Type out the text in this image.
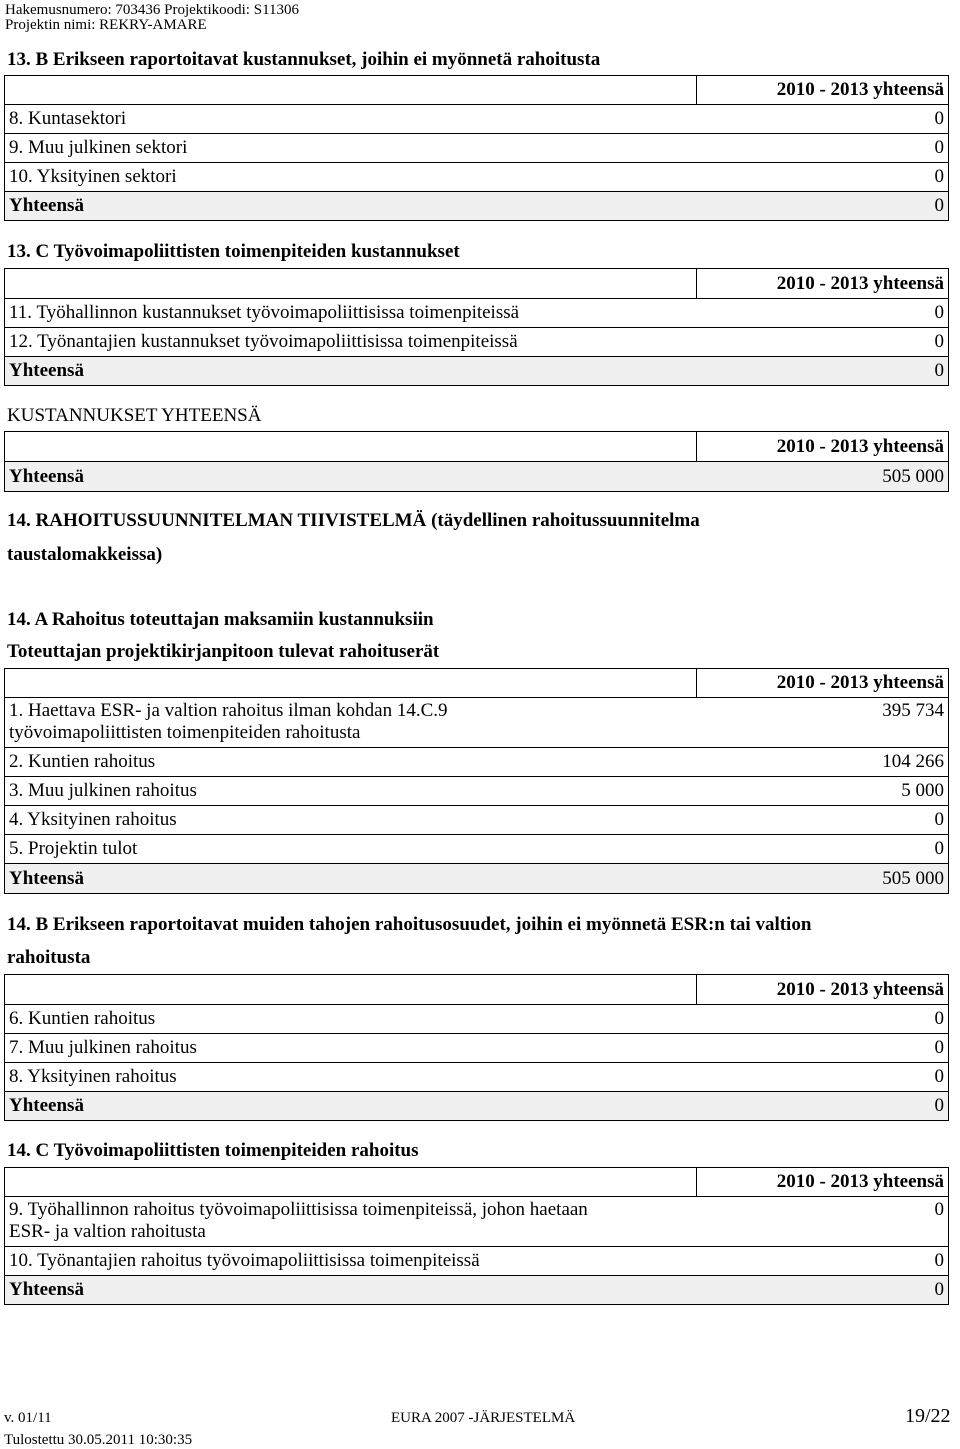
Hakemusnumero: 703436 Projektikoodi: S11306
Projektin nimi: REKRY-AMARE
13. B Erikseen raportoitavat kustannukset, joihin ei myönnetä rahoitusta
	2010 - 2013 yhteensä

8. Kuntasektori	0

9. Muu julkinen sektori	0

10. Yksityinen sektori	0

Yhteensä	0
13. C Työvoimapoliittisten toimenpiteiden kustannukset
	2010 - 2013 yhteensä

11. Työhallinnon kustannukset työvoimapoliittisissa toimenpiteissä	0

12. Työnantajien kustannukset työvoimapoliittisissa toimenpiteissä	0

Yhteensä	0
KUSTANNUKSET YHTEENSÄ
	2010 - 2013 yhteensä

Yhteensä	505 000
14. RAHOITUSSUUNNITELMAN TIIVISTELMÄ (täydellinen rahoitussuunnitelma
taustalomakkeissa)
14. A Rahoitus toteuttajan maksamiin kustannuksiin
Toteuttajan projektikirjanpitoon tulevat rahoituserät
	2010 - 2013 yhteensä

1. Haettava ESR- ja valtion rahoitus ilman kohdan 14.C.9
työvoimapoliittisten toimenpiteiden rahoitusta	395 734

2. Kuntien rahoitus 104 266	

3. Muu julkinen rahoitus 5 000	

4. Yksityinen rahoitus 0	

5. Projektin tulot 0	

Yhteensä 505 000	
14. B Erikseen raportoitavat muiden tahojen rahoitusosuudet, joihin ei myönnetä ESR:n tai valtion
rahoitusta
	2010 - 2013 yhteensä

6. Kuntien rahoitus	0

7. Muu julkinen rahoitus	0

8. Yksityinen rahoitus	0

Yhteensä	0
14. C Työvoimapoliittisten toimenpiteiden rahoitus
	2010 - 2013 yhteensä

9. Työhallinnon rahoitus työvoimapoliittisissa toimenpiteissä, johon haetaan
ESR- ja valtion rahoitusta	0

10. Työnantajien rahoitus työvoimapoliittisissa toimenpiteissä 0	

Yhteensä 0	
v. 01/11	EURA 2007 -JÄRJESTELMÄ	19/22
Tulostettu 30.05.2011 10:30:35
